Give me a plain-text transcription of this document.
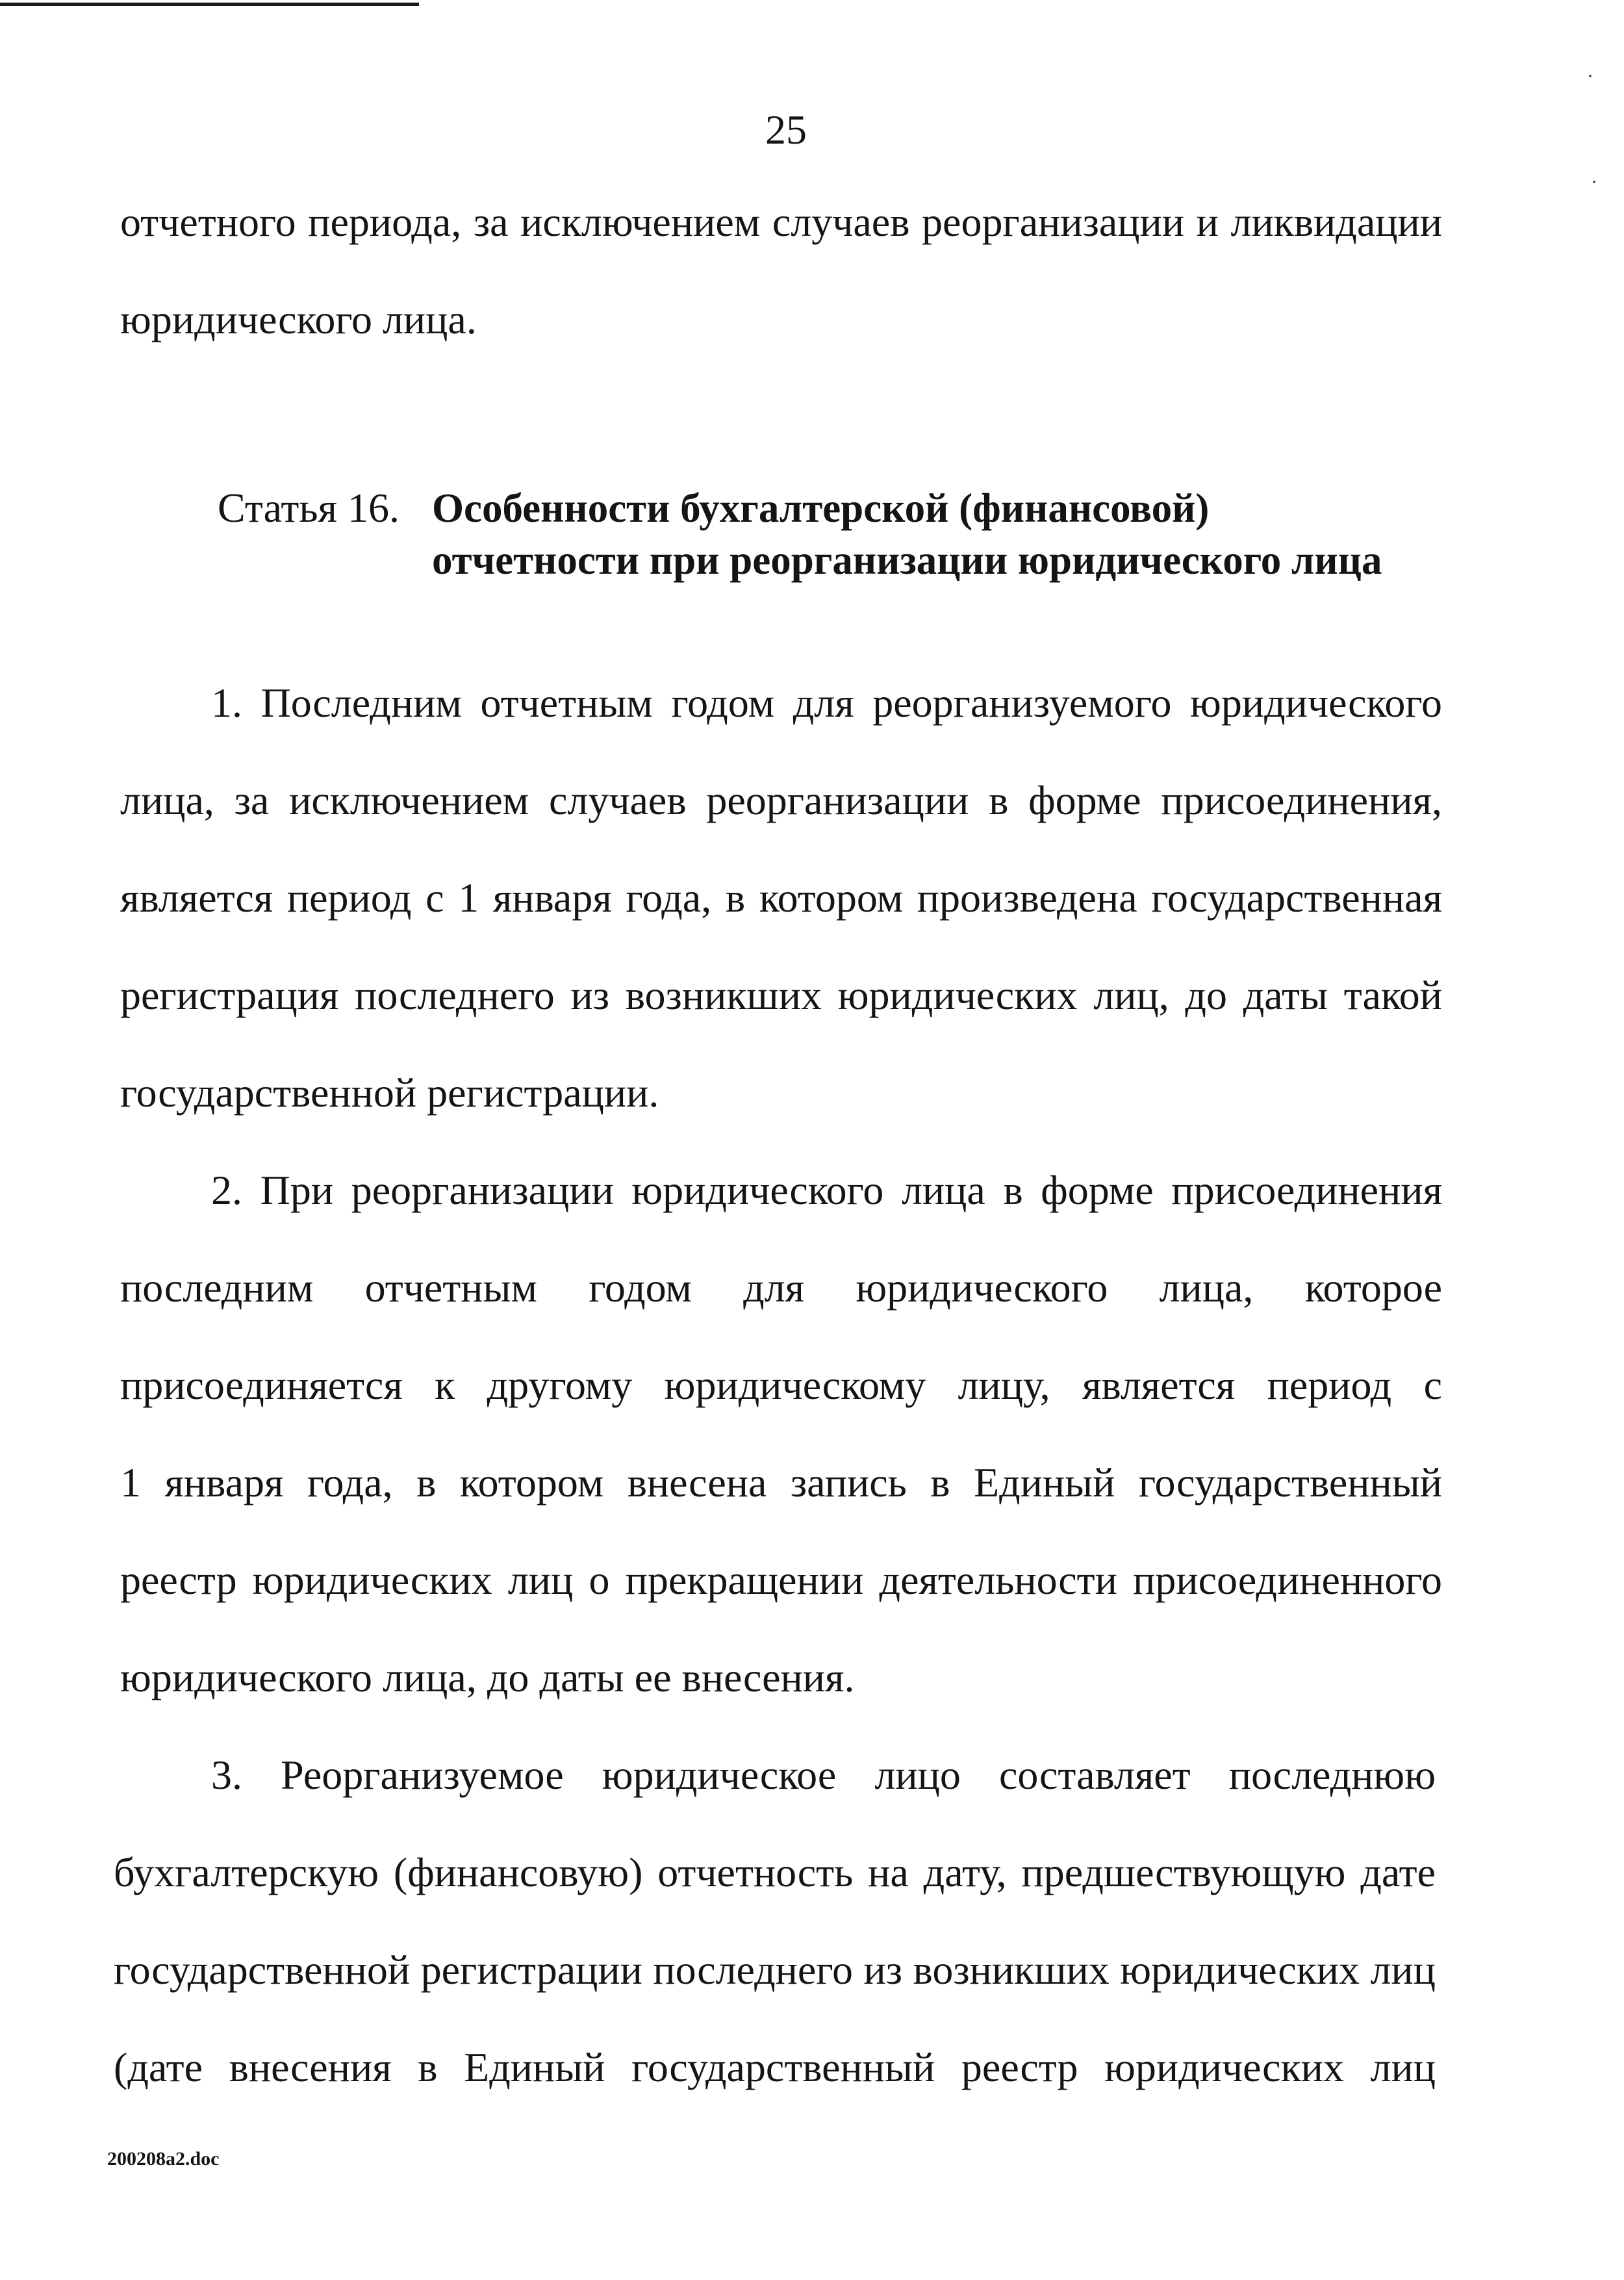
25
отчетного периода, за исключением случаев реорганизации и ликвидации
юридического лица.
Статья 16. Особенности бухгалтерской (финансовой)
отчетности при реорганизации юридического лица
1. Последним отчетным годом для реорганизуемого юридического
лица, за исключением случаев реорганизации в форме присоединения,
является период с 1 января года, в котором произведена государственная
регистрация последнего из возникших юридических лиц, до даты такой
государственной регистрации.
2. При реорганизации юридического лица в форме присоединения
последним отчетным годом для юридического лица, которое
присоединяется к другому юридическому лицу, является период с
1 января года, в котором внесена запись в Единый государственный
реестр юридических лиц о прекращении деятельности присоединенного
юридического лица, до даты ее внесения.
3. Реорганизуемое юридическое лицо составляет последнюю
бухгалтерскую (финансовую) отчетность на дату, предшествующую дате
государственной регистрации последнего из возникших юридических лиц
(дате внесения в Единый государственный реестр юридических лиц
200208a2.doc
